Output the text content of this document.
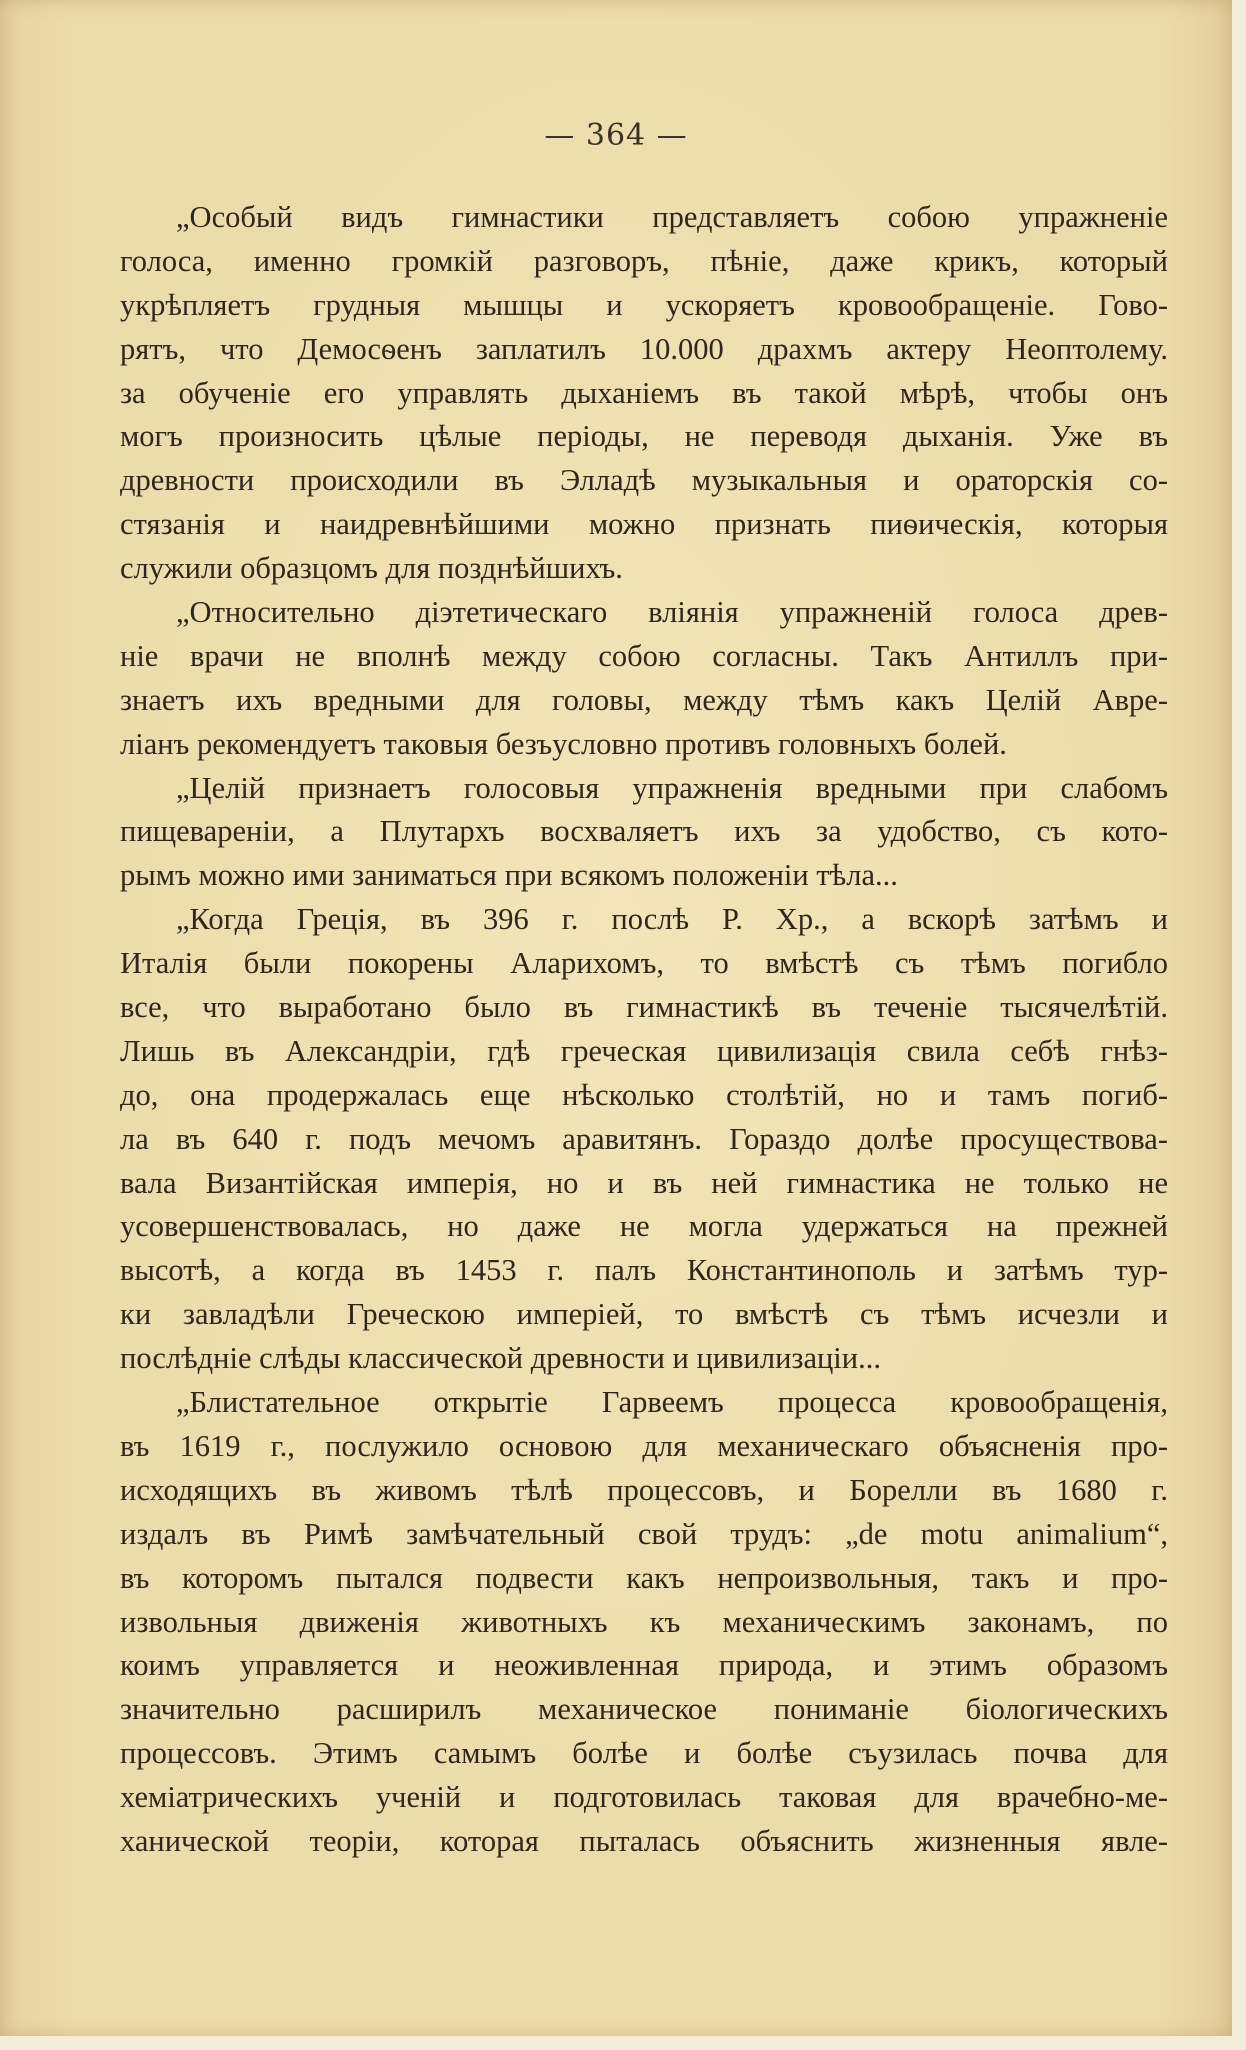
— 364 —
„Особый видъ гимнастики представляетъ собою упражненіе
голоса, именно громкій разговоръ, пѣніе, даже крикъ, который
укрѣпляетъ грудныя мышцы и ускоряетъ кровообращеніе. Гово-
рятъ, что Демосѳенъ заплатилъ 10.000 драхмъ актеру Неоптолему.
за обученіе его управлять дыханіемъ въ такой мѣрѣ, чтобы онъ
могъ произносить цѣлые періоды, не переводя дыханія. Уже въ
древности происходили въ Элладѣ музыкальныя и ораторскія со-
стязанія и наидревнѣйшими можно признать пиѳическія, которыя
служили образцомъ для позднѣйшихъ.
„Относительно діэтетическаго вліянія упражненій голоса древ-
ніе врачи не вполнѣ между собою согласны. Такъ Антиллъ при-
знаетъ ихъ вредными для головы, между тѣмъ какъ Целій Авре-
ліанъ рекомендуетъ таковыя безъусловно противъ головныхъ болей.
„Целій признаетъ голосовыя упражненія вредными при слабомъ
пищевареніи, а Плутархъ восхваляетъ ихъ за удобство, съ кото-
рымъ можно ими заниматься при всякомъ положеніи тѣла...
„Когда Греція, въ 396 г. послѣ Р. Хр., а вскорѣ затѣмъ и
Италія были покорены Аларихомъ, то вмѣстѣ съ тѣмъ погибло
все, что выработано было въ гимнастикѣ въ теченіе тысячелѣтій.
Лишь въ Александріи, гдѣ греческая цивилизація свила себѣ гнѣз-
до, она продержалась еще нѣсколько столѣтій, но и тамъ погиб-
ла въ 640 г. подъ мечомъ аравитянъ. Гораздо долѣе просуществова-
вала Византійская имперія, но и въ ней гимнастика не только не
усовершенствовалась, но даже не могла удержаться на прежней
высотѣ, а когда въ 1453 г. палъ Константинополь и затѣмъ тур-
ки завладѣли Греческою имперіей, то вмѣстѣ съ тѣмъ исчезли и
послѣдніе слѣды классической древности и цивилизаціи...
„Блистательное открытіе Гарвеемъ процесса кровообращенія,
въ 1619 г., послужило основою для механическаго объясненія про-
исходящихъ въ живомъ тѣлѣ процессовъ, и Борелли въ 1680 г.
издалъ въ Римѣ замѣчательный свой трудъ: „de motu animalium“,
въ которомъ пытался подвести какъ непроизвольныя, такъ и про-
извольныя движенія животныхъ къ механическимъ законамъ, по
коимъ управляется и неоживленная природа, и этимъ образомъ
значительно расширилъ механическое пониманіе біологическихъ
процессовъ. Этимъ самымъ болѣе и болѣе съузилась почва для
хеміатрическихъ ученій и подготовилась таковая для врачебно-ме-
ханической теоріи, которая пыталась объяснить жизненныя явле-
